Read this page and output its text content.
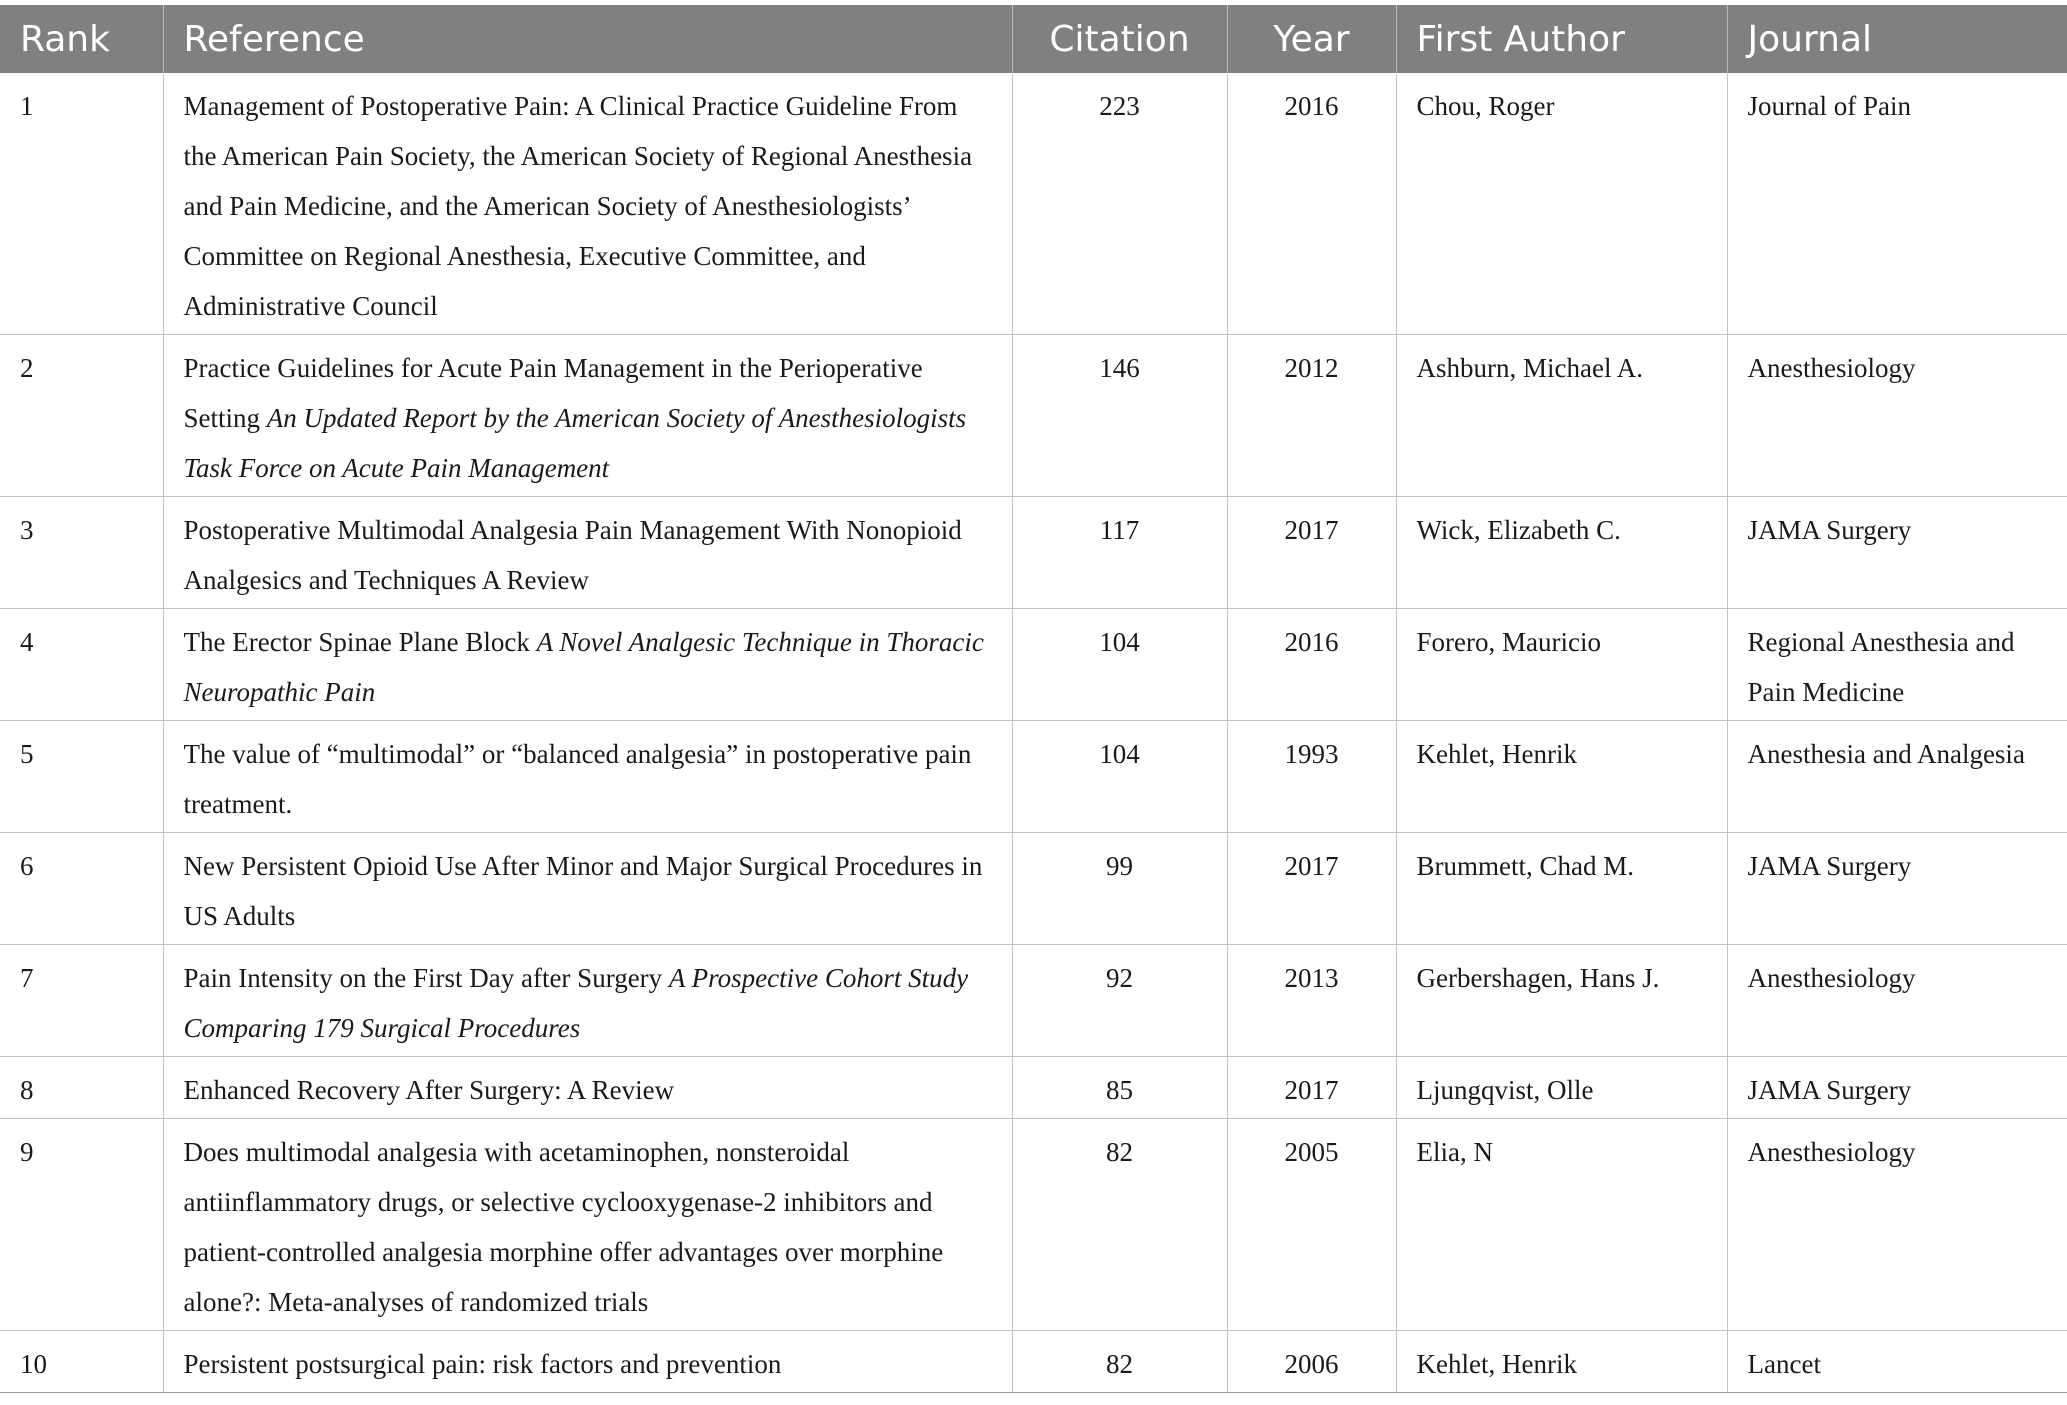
Rank	Reference	Citation	Year	First Author	Journal
1	Management of Postoperative Pain: A Clinical Practice Guideline From the American Pain Society, the American Society of Regional Anesthesia and Pain Medicine, and the American Society of Anesthesiologists’ Committee on Regional Anesthesia, Executive Committee, and Administrative Council	223	2016	Chou, Roger	Journal of Pain
2	Practice Guidelines for Acute Pain Management in the Perioperative Setting An Updated Report by the American Society of Anesthesiologists Task Force on Acute Pain Management	146	2012	Ashburn, Michael A.	Anesthesiology
3	Postoperative Multimodal Analgesia Pain Management With Nonopioid Analgesics and Techniques A Review	117	2017	Wick, Elizabeth C.	JAMA Surgery
4	The Erector Spinae Plane Block A Novel Analgesic Technique in Thoracic Neuropathic Pain	104	2016	Forero, Mauricio	Regional Anesthesia and Pain Medicine
5	The value of “multimodal” or “balanced analgesia” in postoperative pain treatment.	104	1993	Kehlet, Henrik	Anesthesia and Analgesia
6	New Persistent Opioid Use After Minor and Major Surgical Procedures in US Adults	99	2017	Brummett, Chad M.	JAMA Surgery
7	Pain Intensity on the First Day after Surgery A Prospective Cohort Study Comparing 179 Surgical Procedures	92	2013	Gerbershagen, Hans J.	Anesthesiology
8	Enhanced Recovery After Surgery: A Review	85	2017	Ljungqvist, Olle	JAMA Surgery
9	Does multimodal analgesia with acetaminophen, nonsteroidal antiinflammatory drugs, or selective cyclooxygenase-2 inhibitors and patient-controlled analgesia morphine offer advantages over morphine alone?: Meta-analyses of randomized trials	82	2005	Elia, N	Anesthesiology
10	Persistent postsurgical pain: risk factors and prevention	82	2006	Kehlet, Henrik	Lancet
